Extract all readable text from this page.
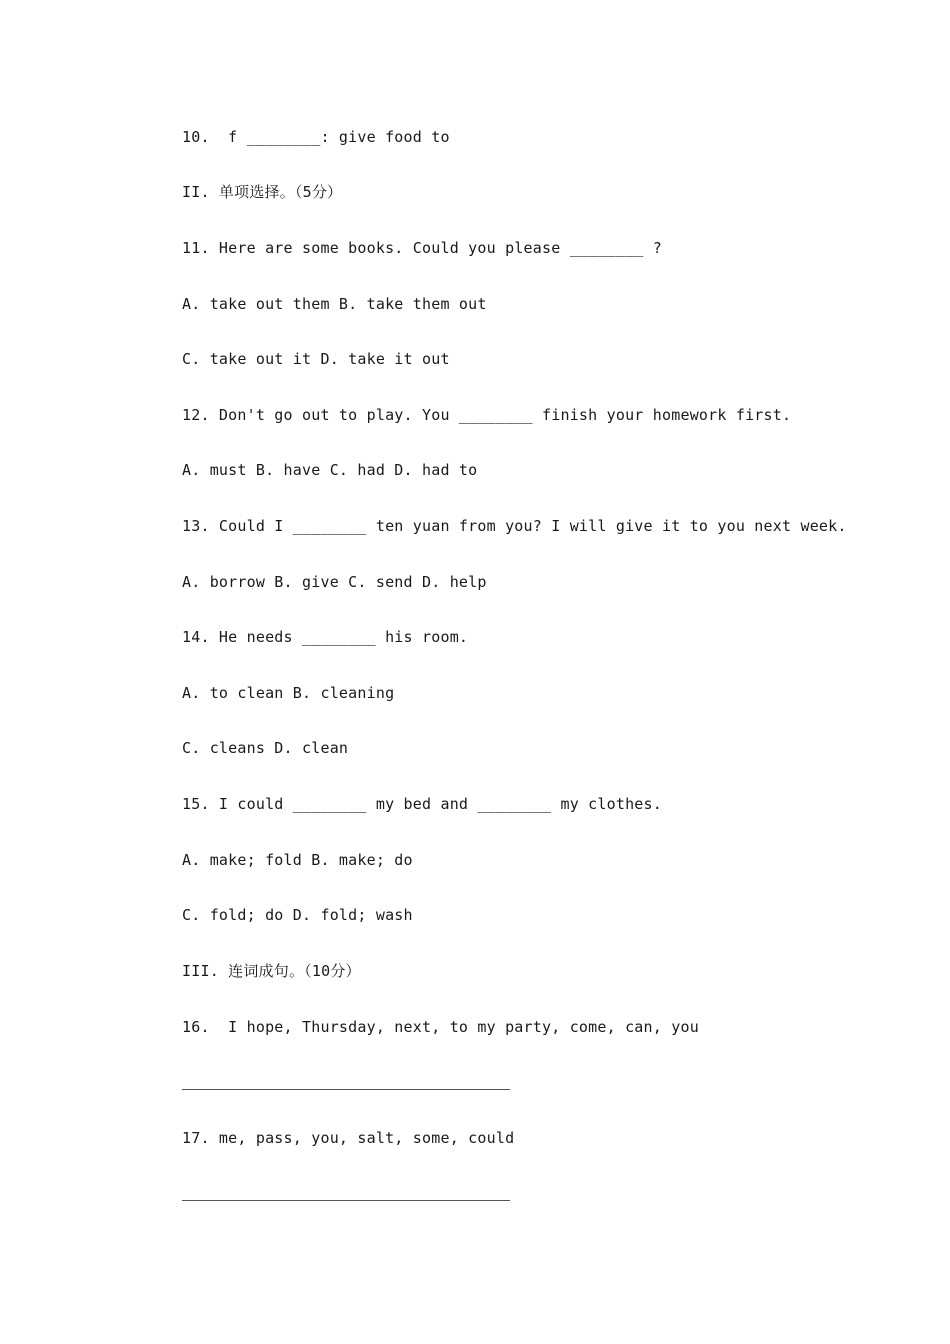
10.  f ________: give food to
II. 单项选择。（5分）
11. Here are some books. Could you please ________ ?
A. take out them B. take them out
C. take out it D. take it out
12. Don't go out to play. You ________ finish your homework first.
A. must B. have C. had D. had to
13. Could I ________ ten yuan from you? I will give it to you next week.
A. borrow B. give C. send D. help
14. He needs ________ his room.
A. to clean B. cleaning
C. cleans D. clean
15. I could ________ my bed and ________ my clothes.
A. make; fold B. make; do
C. fold; do D. fold; wash
III. 连词成句。（10分）
16.  I hope, Thursday, next, to my party, come, can, you
17. me, pass, you, salt, some, could
